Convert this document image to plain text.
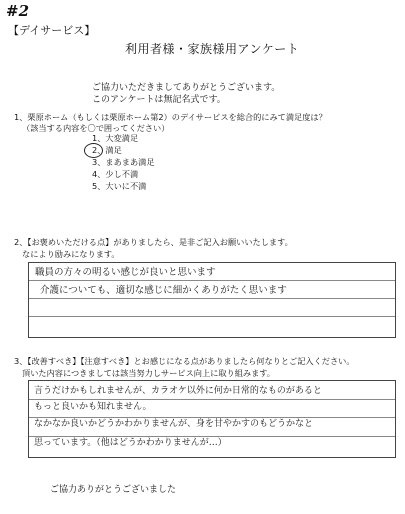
#2
【デイサービス】
利用者様・家族様用アンケート
ご協力いただきましてありがとうございます。
このアンケートは無記名式です。
1、栗原ホーム（もしくは栗原ホーム第2）のデイサービスを総合的にみて満足度は？
（該当する内容を〇で囲ってください）
1、大変満足
2、満足
3、まあまあ満足
4、少し不満
5、大いに不満
2、【お褒めいただける点】がありましたら、是非ご記入お願いいたします。
なにより励みになります。
職員の方々の明るい感じが良いと思います
介護についても、適切な感じに細かくありがたく思います
3、【改善すべき】【注意すべき】とお感じになる点がありましたら何なりとご記入ください。
頂いた内容につきましては該当努力しサービス向上に取り組みます。
言うだけかもしれませんが、カラオケ以外に何か日常的なものがあると
もっと良いかも知れません。
なかなか良いかどうかわかりませんが、身を甘やかすのもどうかなと
思っています。（他はどうかわかりませんが…）
ご協力ありがとうございました
